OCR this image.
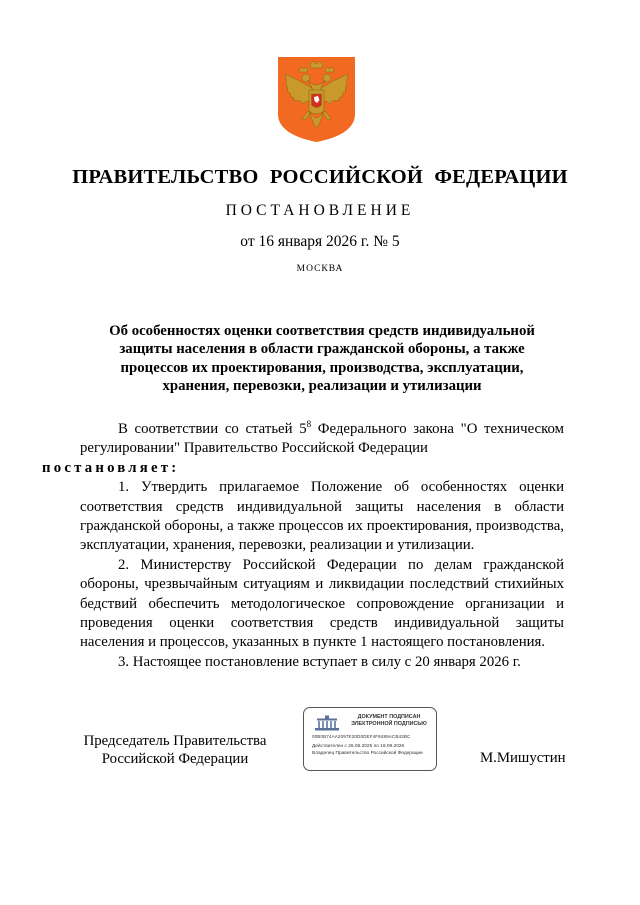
ПРАВИТЕЛЬСТВО РОССИЙСКОЙ ФЕДЕРАЦИИ
ПОСТАНОВЛЕНИЕ
от 16 января 2026 г. № 5
МОСКВА
Об особенностях оценки соответствия средств индивидуальной
защиты населения в области гражданской обороны, а также
процессов их проектирования, производства, эксплуатации,
хранения, перевозки, реализации и утилизации

В соответствии со статьей $5^8$ Федерального закона "О техническом регулировании" Правительство Российской Федерации
постановляет:

1. Утвердить прилагаемое Положение об особенностях оценки соответствия средств индивидуальной защиты населения в области гражданской обороны, а также процессов их проектирования, производства, эксплуатации, хранения, перевозки, реализации и утилизации.

2. Министерству Российской Федерации по делам гражданской обороны, чрезвычайным ситуациям и ликвидации последствий стихийных бедствий обеспечить методологическое сопровождение организации и проведения оценки соответствия средств индивидуальной защиты населения и процессов, указанных в пункте 1 настоящего постановления.

3. Настоящее постановление вступает в силу с 20 января 2026 г.

Председатель Правительства
Российской Федерации
ДОКУМЕНТ ПОДПИСАН
ЭЛЕКТРОННОЙ ПОДПИСЬЮ
00B0B74AA2097E20D0DEF4F8489ACB43BC
Действителен с 26.06.2025 по 19.09.2026
Владелец Правительство Российской Федерации	М.Мишустин
